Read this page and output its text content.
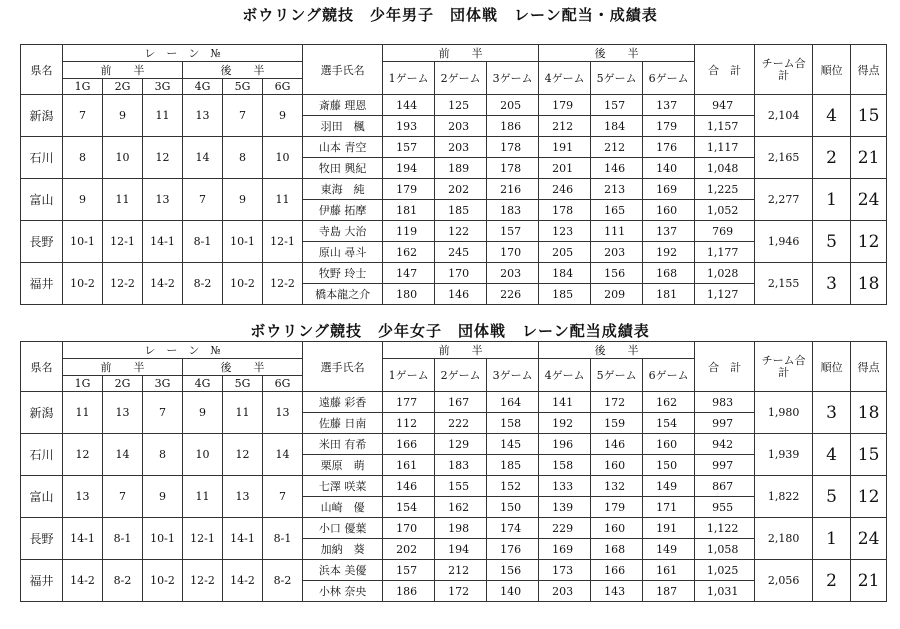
ボウリング競技　少年男子　団体戦　レーン配当・成績表
県名	レ　ー　ン　№						選手氏名	前　　半			後　　半			合　計	チーム合　計	順位	得点
	前　　半			後　　半				1ゲーム	2ゲーム	3ゲーム	4ゲーム	5ゲーム	6ゲーム				
	1G	2G	3G	4G	5G	6G											
新潟	7	9	11	13	7	9	斎藤 理恩	144	125	205	179	157	137	947	2,104	4	15
							羽田　楓	193	203	186	212	184	179	1,157			
石川	8	10	12	14	8	10	山本 青空	157	203	178	191	212	176	1,117	2,165	2	21
							牧田 興紀	194	189	178	201	146	140	1,048			
富山	9	11	13	7	9	11	東海　純	179	202	216	246	213	169	1,225	2,277	1	24
							伊藤 拓摩	181	185	183	178	165	160	1,052			
長野	10-1	12-1	14-1	8-1	10-1	12-1	寺島 大治	119	122	157	123	111	137	769	1,946	5	12
							原山 尋斗	162	245	170	205	203	192	1,177			
福井	10-2	12-2	14-2	8-2	10-2	12-2	牧野 玲士	147	170	203	184	156	168	1,028	2,155	3	18
							橋本龍之介	180	146	226	185	209	181	1,127			
ボウリング競技　少年女子　団体戦　レーン配当成績表
県名	レ　ー　ン　№						選手氏名	前　　半			後　　半			合　計	チーム合　計	順位	得点
	前　　半			後　　半				1ゲーム	2ゲーム	3ゲーム	4ゲーム	5ゲーム	6ゲーム				
	1G	2G	3G	4G	5G	6G											
新潟	11	13	7	9	11	13	遠藤 彩香	177	167	164	141	172	162	983	1,980	3	18
							佐藤 日南	112	222	158	192	159	154	997			
石川	12	14	8	10	12	14	米田 有希	166	129	145	196	146	160	942	1,939	4	15
							栗原　萌	161	183	185	158	160	150	997			
富山	13	7	9	11	13	7	七澤 咲菜	146	155	152	133	132	149	867	1,822	5	12
							山崎　優	154	162	150	139	179	171	955			
長野	14-1	8-1	10-1	12-1	14-1	8-1	小口 優葉	170	198	174	229	160	191	1,122	2,180	1	24
							加納　葵	202	194	176	169	168	149	1,058			
福井	14-2	8-2	10-2	12-2	14-2	8-2	浜本 美優	157	212	156	173	166	161	1,025	2,056	2	21
							小林 奈央	186	172	140	203	143	187	1,031			
